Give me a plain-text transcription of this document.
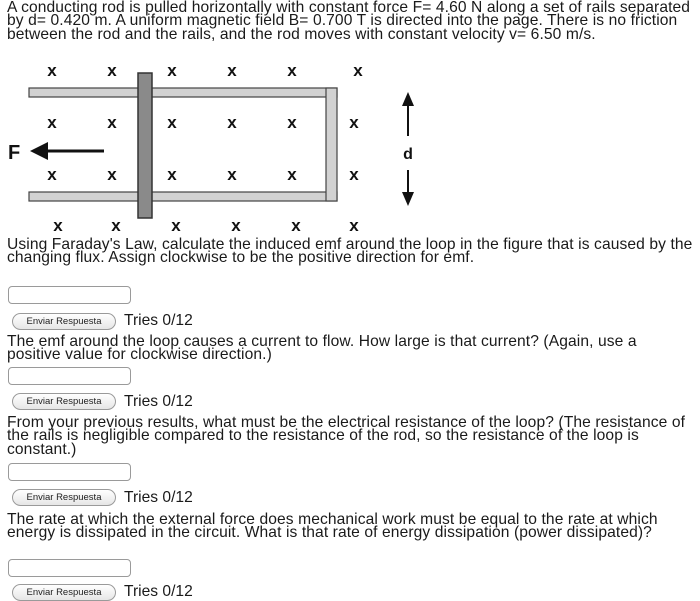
A conducting rod is pulled horizontally with constant force F= 4.60 N along a set of rails separated by d= 0.420 m. A uniform magnetic field B= 0.700 T is directed into the page. There is no friction between the rod and the rails, and the rod moves with constant velocity v= 6.50 m/s.

x	x	x	x	x	x
x	x	x	x	x	x
x	x	x	x	x	x
x	x	x	x	x	x
F	d

Using Faraday's Law, calculate the induced emf around the loop in the figure that is caused by the changing flux. Assign clockwise to be the positive direction for emf.

Enviar Respuesta	Tries 0/12

The emf around the loop causes a current to flow. How large is that current? (Again, use a positive value for clockwise direction.)

Enviar Respuesta	Tries 0/12

From your previous results, what must be the electrical resistance of the loop? (The resistance of the rails is negligible compared to the resistance of the rod, so the resistance of the loop is constant.)

Enviar Respuesta	Tries 0/12

The rate at which the external force does mechanical work must be equal to the rate at which energy is dissipated in the circuit. What is that rate of energy dissipation (power dissipated)?

Enviar Respuesta	Tries 0/12
